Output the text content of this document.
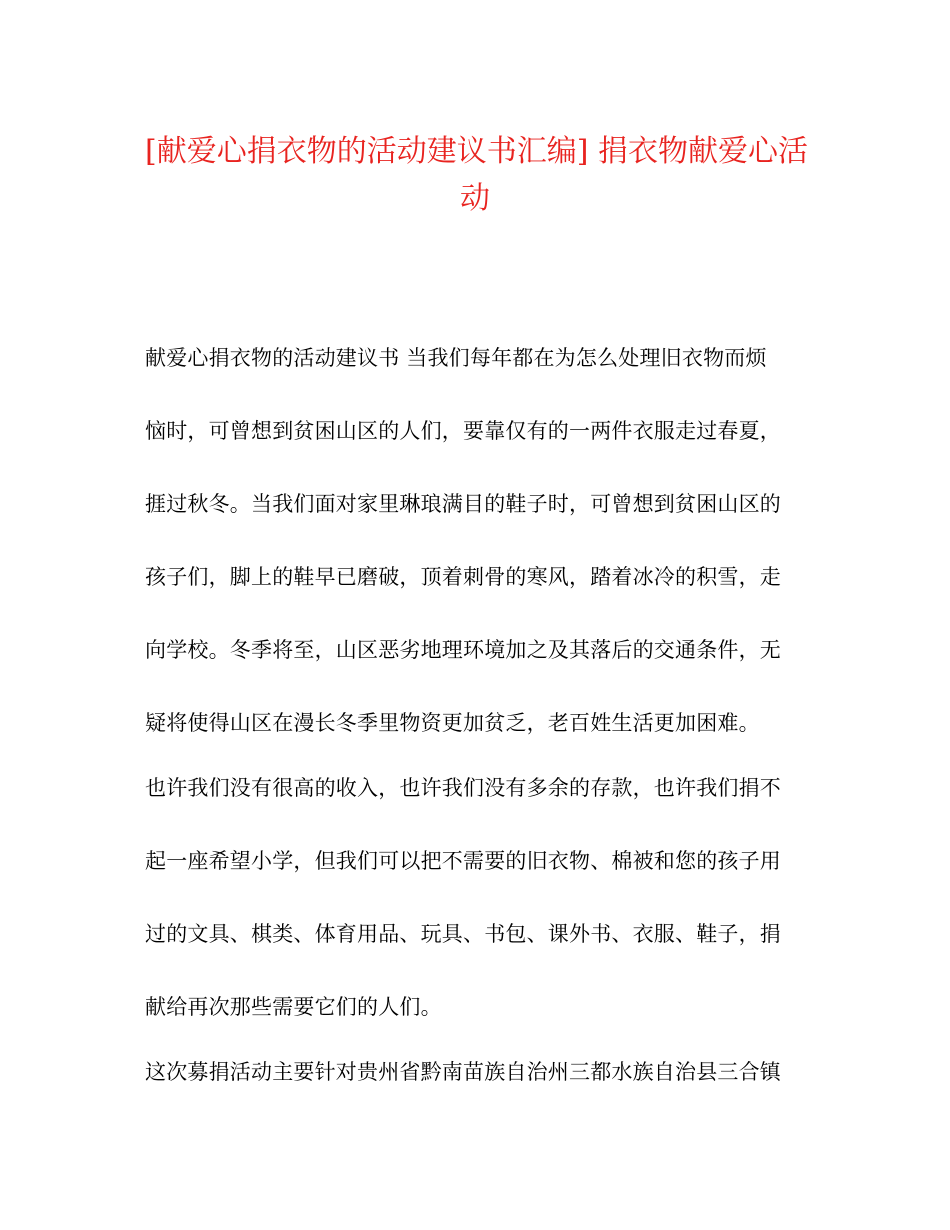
[献爱心捐衣物的活动建议书汇编] 捐衣物献爱心活
动
献爱心捐衣物的活动建议书 当我们每年都在为怎么处理旧衣物而烦
恼时，可曾想到贫困山区的人们，要靠仅有的一两件衣服走过春夏，
捱过秋冬。当我们面对家里琳琅满目的鞋子时，可曾想到贫困山区的
孩子们，脚上的鞋早已磨破，顶着刺骨的寒风，踏着冰冷的积雪，走
向学校。冬季将至，山区恶劣地理环境加之及其落后的交通条件，无
疑将使得山区在漫长冬季里物资更加贫乏，老百姓生活更加困难。
也许我们没有很高的收入，也许我们没有多余的存款，也许我们捐不
起一座希望小学，但我们可以把不需要的旧衣物、棉被和您的孩子用
过的文具、棋类、体育用品、玩具、书包、课外书、衣服、鞋子，捐
献给再次那些需要它们的人们。
这次募捐活动主要针对贵州省黔南苗族自治州三都水族自治县三合镇
